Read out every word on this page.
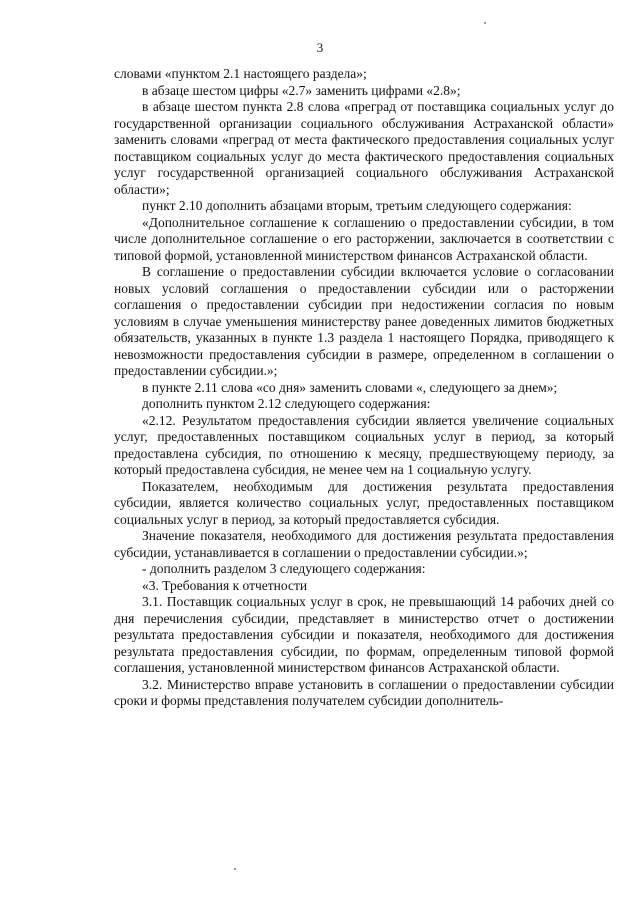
3

словами «пунктом 2.1 настоящего раздела»;

в абзаце шестом цифры «2.7» заменить цифрами «2.8»;

в абзаце шестом пункта 2.8 слова «преград от поставщика социальных услуг до государственной организации социального обслуживания Астраханской области» заменить словами «преград от места фактического предоставления социальных услуг поставщиком социальных услуг до места фактического предоставления социальных услуг государственной организацией социального обслуживания Астраханской области»;

пункт 2.10 дополнить абзацами вторым, третьим следующего содержания:

«Дополнительное соглашение к соглашению о предоставлении субсидии, в том числе дополнительное соглашение о его расторжении, заключается в соответствии с типовой формой, установленной министерством финансов Астраханской области.

В соглашение о предоставлении субсидии включается условие о согласовании новых условий соглашения о предоставлении субсидии или о расторжении соглашения о предоставлении субсидии при недостижении согласия по новым условиям в случае уменьшения министерству ранее доведенных лимитов бюджетных обязательств, указанных в пункте 1.3 раздела 1 настоящего Порядка, приводящего к невозможности предоставления субсидии в размере, определенном в соглашении о предоставлении субсидии.»;

в пункте 2.11 слова «со дня» заменить словами «, следующего за днем»;

дополнить пунктом 2.12 следующего содержания:

«2.12. Результатом предоставления субсидии является увеличение социальных услуг, предоставленных поставщиком социальных услуг в период, за который предоставлена субсидия, по отношению к месяцу, предшествующему периоду, за который предоставлена субсидия, не менее чем на 1 социальную услугу.

Показателем, необходимым для достижения результата предоставления субсидии, является количество социальных услуг, предоставленных поставщиком социальных услуг в период, за который предоставляется субсидия.

Значение показателя, необходимого для достижения результата предоставления субсидии, устанавливается в соглашении о предоставлении субсидии.»;

- дополнить разделом 3 следующего содержания:

«3. Требования к отчетности

3.1. Поставщик социальных услуг в срок, не превышающий 14 рабочих дней со дня перечисления субсидии, представляет в министерство отчет о достижении результата предоставления субсидии и показателя, необходимого для достижения результата предоставления субсидии, по формам, определенным типовой формой соглашения, установленной министерством финансов Астраханской области.

3.2. Министерство вправе установить в соглашении о предоставлении субсидии сроки и формы представления получателем субсидии дополнитель-
